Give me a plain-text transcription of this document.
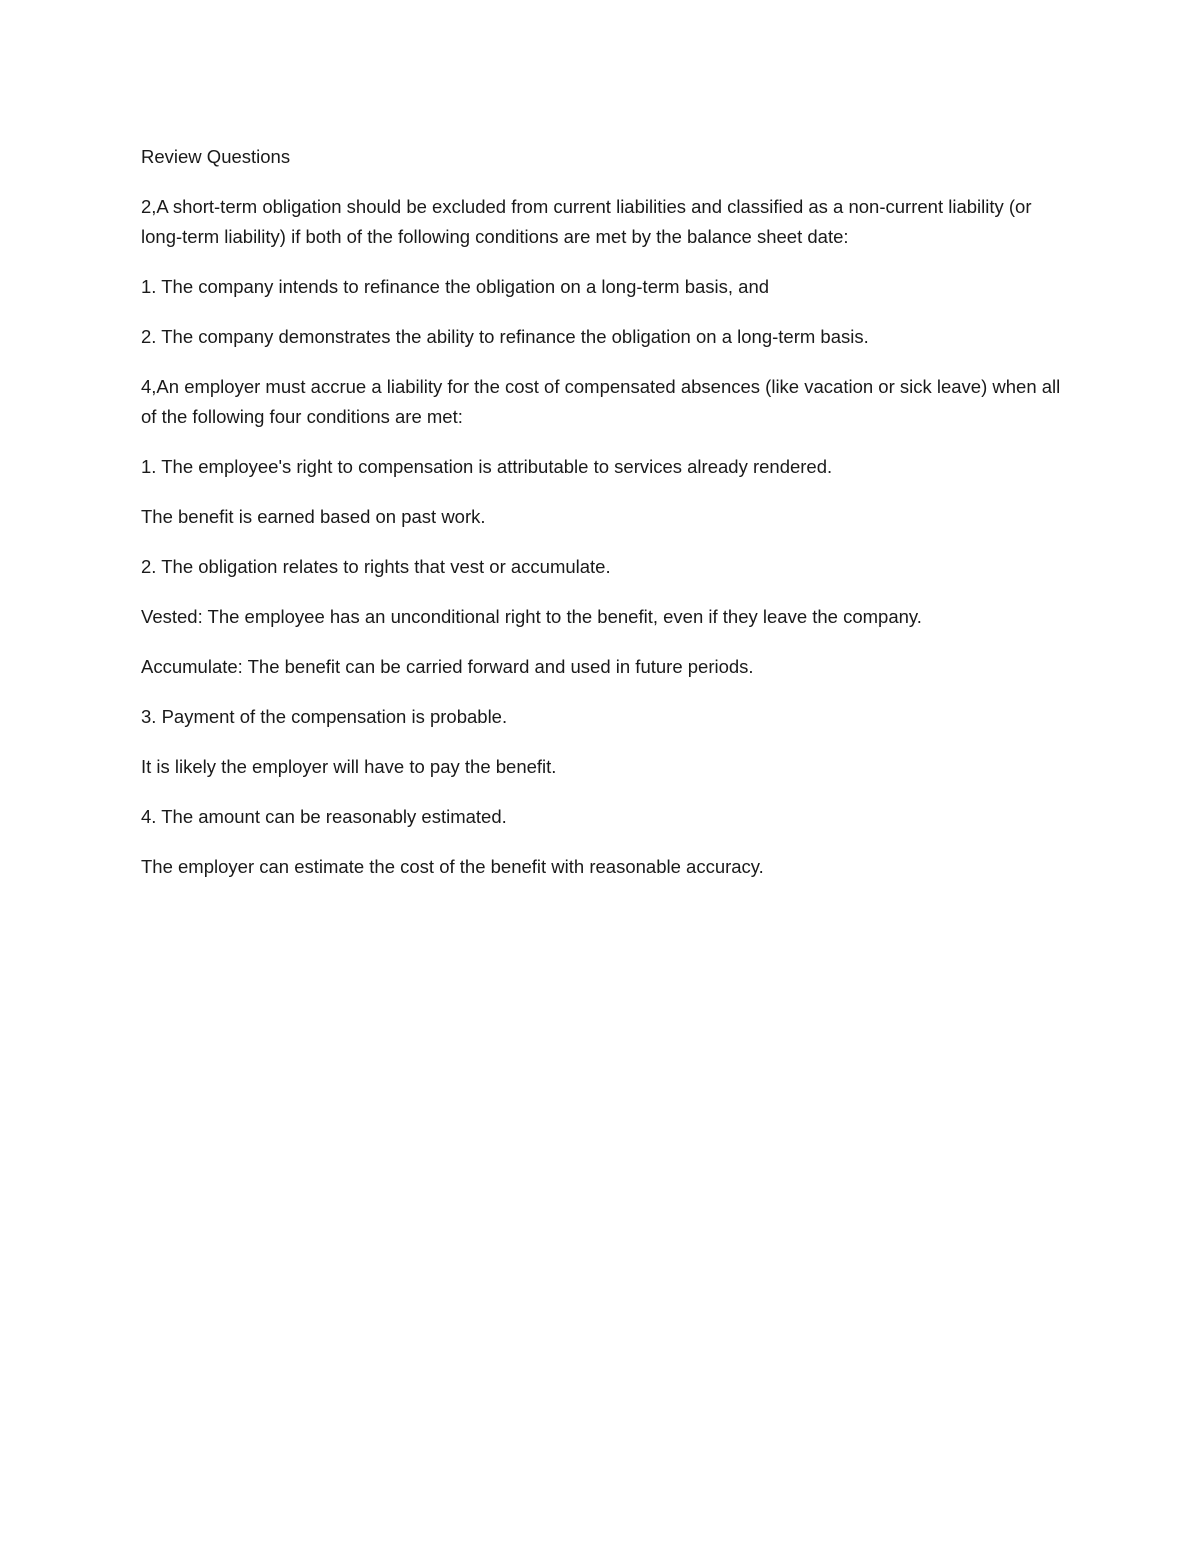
Review Questions

2,A short-term obligation should be excluded from current liabilities and classified as a non-current liability (or long-term liability) if both of the following conditions are met by the balance sheet date:

1. The company intends to refinance the obligation on a long-term basis, and

2. The company demonstrates the ability to refinance the obligation on a long-term basis.

4,An employer must accrue a liability for the cost of compensated absences (like vacation or sick leave) when all of the following four conditions are met:

1. The employee's right to compensation is attributable to services already rendered.

The benefit is earned based on past work.

2. The obligation relates to rights that vest or accumulate.

Vested: The employee has an unconditional right to the benefit, even if they leave the company.

Accumulate: The benefit can be carried forward and used in future periods.

3. Payment of the compensation is probable.

It is likely the employer will have to pay the benefit.

4. The amount can be reasonably estimated.

The employer can estimate the cost of the benefit with reasonable accuracy.
